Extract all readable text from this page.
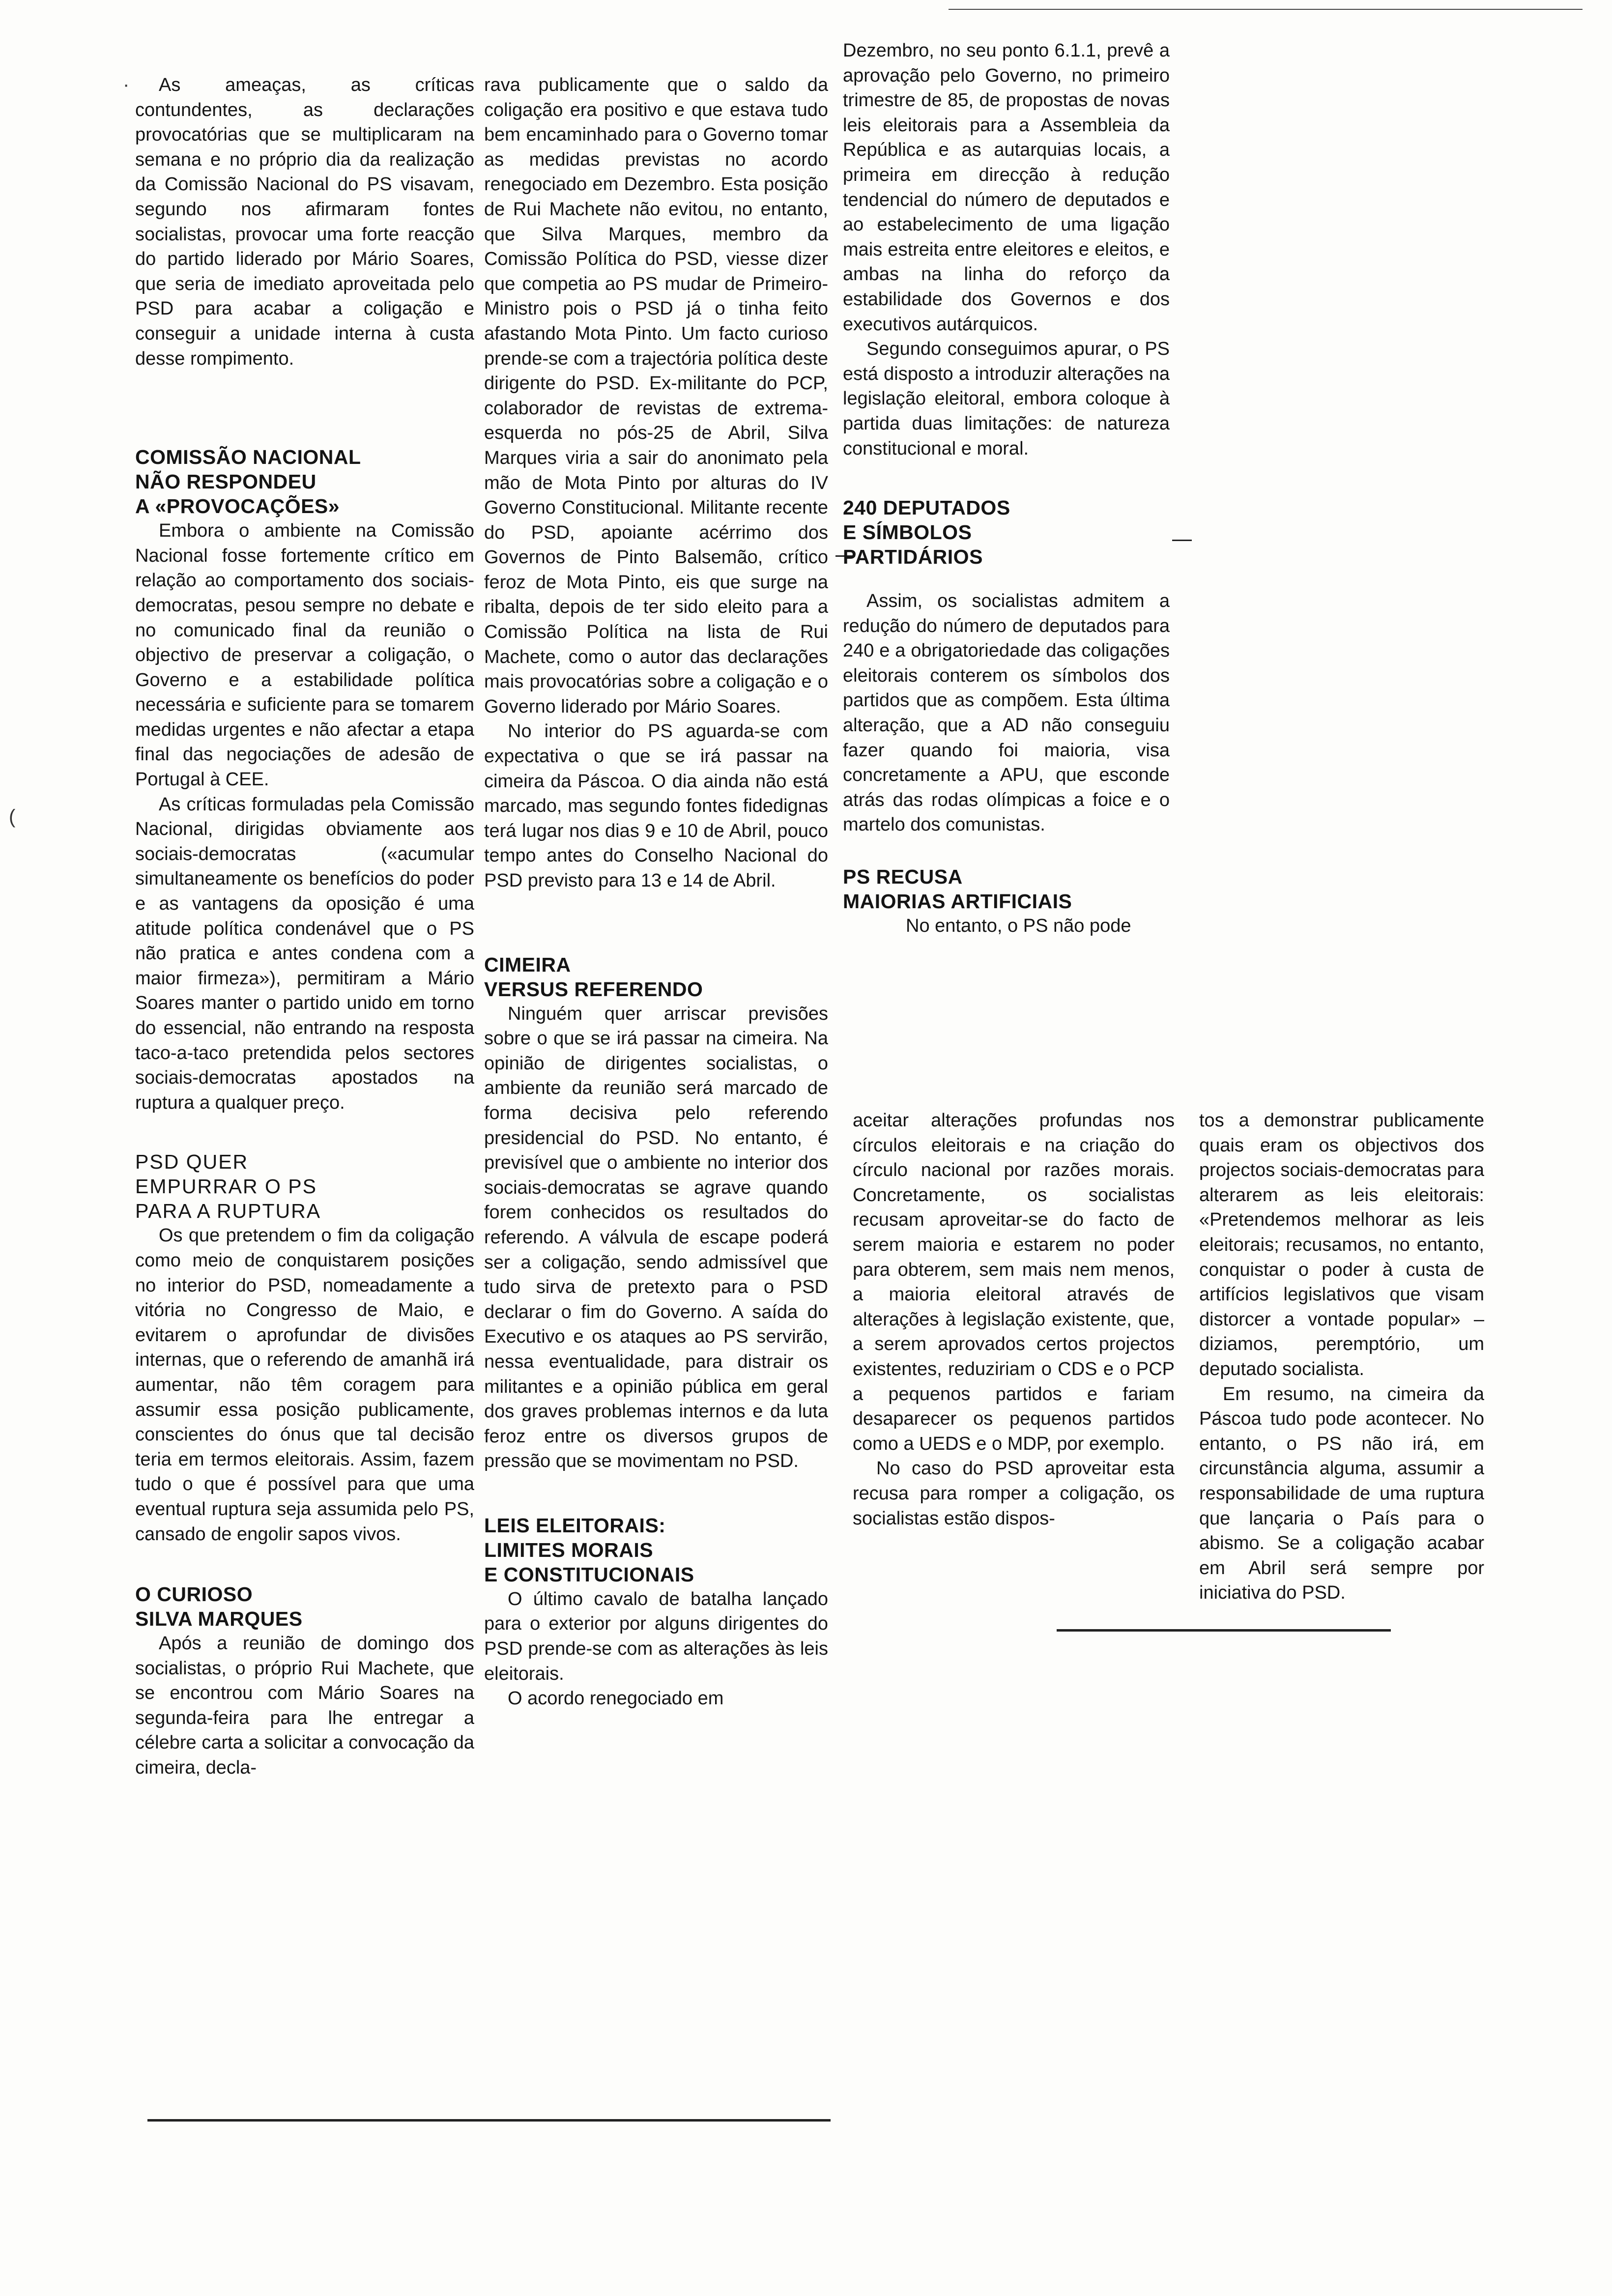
As ameaças, as críticas contundentes, as declarações provocatórias que se multiplicaram na semana e no próprio dia da realização da Comissão Nacional do PS visavam, segundo nos afirmaram fontes socialistas, provocar uma forte reacção do partido liderado por Mário Soares, que seria de imediato aproveitada pelo PSD para acabar a coligação e conseguir a unidade interna à custa desse rompimento.

COMISSÃO NACIONAL
NÃO RESPONDEU
A «PROVOCAÇÕES»

Embora o ambiente na Comissão Nacional fosse fortemente crítico em relação ao comportamento dos sociais-democratas, pesou sempre no debate e no comunicado final da reunião o objectivo de preservar a coligação, o Governo e a estabilidade política necessária e suficiente para se tomarem medidas urgentes e não afectar a etapa final das negociações de adesão de Portugal à CEE.

As críticas formuladas pela Comissão Nacional, dirigidas obviamente aos sociais-democratas («acumular simultaneamente os benefícios do poder e as vantagens da oposição é uma atitude política condenável que o PS não pratica e antes condena com a maior firmeza»), permitiram a Mário Soares manter o partido unido em torno do essencial, não entrando na resposta taco-a-taco pretendida pelos sectores sociais-democratas apostados na ruptura a qualquer preço.

PSD QUER
EMPURRAR O PS
PARA A RUPTURA

Os que pretendem o fim da coligação como meio de conquistarem posições no interior do PSD, nomeadamente a vitória no Congresso de Maio, e evitarem o aprofundar de divisões internas, que o referendo de amanhã irá aumentar, não têm coragem para assumir essa posição publicamente, conscientes do ónus que tal decisão teria em termos eleitorais. Assim, fazem tudo o que é possível para que uma eventual ruptura seja assumida pelo PS, cansado de engolir sapos vivos.

O CURIOSO
SILVA MARQUES

Após a reunião de domingo dos socialistas, o próprio Rui Machete, que se encontrou com Mário Soares na segunda-feira para lhe entregar a célebre carta a solicitar a convocação da cimeira, decla-

rava publicamente que o saldo da coligação era positivo e que estava tudo bem encaminhado para o Governo tomar as medidas previstas no acordo renegociado em Dezembro. Esta posição de Rui Machete não evitou, no entanto, que Silva Marques, membro da Comissão Política do PSD, viesse dizer que competia ao PS mudar de Primeiro-Ministro pois o PSD já o tinha feito afastando Mota Pinto. Um facto curioso prende-se com a trajectória política deste dirigente do PSD. Ex-militante do PCP, colaborador de revistas de extrema-esquerda no pós-25 de Abril, Silva Marques viria a sair do anonimato pela mão de Mota Pinto por alturas do IV Governo Constitucional. Militante recente do PSD, apoiante acérrimo dos Governos de Pinto Balsemão, crítico feroz de Mota Pinto, eis que surge na ribalta, depois de ter sido eleito para a Comissão Política na lista de Rui Machete, como o autor das declarações mais provocatórias sobre a coligação e o Governo liderado por Mário Soares.

No interior do PS aguarda-se com expectativa o que se irá passar na cimeira da Páscoa. O dia ainda não está marcado, mas segundo fontes fidedignas terá lugar nos dias 9 e 10 de Abril, pouco tempo antes do Conselho Nacional do PSD previsto para 13 e 14 de Abril.

CIMEIRA
VERSUS REFERENDO

Ninguém quer arriscar previsões sobre o que se irá passar na cimeira. Na opinião de dirigentes socialistas, o ambiente da reunião será marcado de forma decisiva pelo referendo presidencial do PSD. No entanto, é previsível que o ambiente no interior dos sociais-democratas se agrave quando forem conhecidos os resultados do referendo. A válvula de escape poderá ser a coligação, sendo admissível que tudo sirva de pretexto para o PSD declarar o fim do Governo. A saída do Executivo e os ataques ao PS servirão, nessa eventualidade, para distrair os militantes e a opinião pública em geral dos graves problemas internos e da luta feroz entre os diversos grupos de pressão que se movimentam no PSD.

LEIS ELEITORAIS:
LIMITES MORAIS
E CONSTITUCIONAIS

O último cavalo de batalha lançado para o exterior por alguns dirigentes do PSD prende-se com as alterações às leis eleitorais.

O acordo renegociado em

Dezembro, no seu ponto 6.1.1, prevê a aprovação pelo Governo, no primeiro trimestre de 85, de propostas de novas leis eleitorais para a Assembleia da República e as autarquias locais, a primeira em direcção à redução tendencial do número de deputados e ao estabelecimento de uma ligação mais estreita entre eleitores e eleitos, e ambas na linha do reforço da estabilidade dos Governos e dos executivos autárquicos.

Segundo conseguimos apurar, o PS está disposto a introduzir alterações na legislação eleitoral, embora coloque à partida duas limitações: de natureza constitucional e moral.

240 DEPUTADOS
E SÍMBOLOS
PARTIDÁRIOS

Assim, os socialistas admitem a redução do número de deputados para 240 e a obrigatoriedade das coligações eleitorais conterem os símbolos dos partidos que as compõem. Esta última alteração, que a AD não conseguiu fazer quando foi maioria, visa concretamente a APU, que esconde atrás das rodas olímpicas a foice e o martelo dos comunistas.

PS RECUSA
MAIORIAS ARTIFICIAIS

No entanto, o PS não pode

aceitar alterações profundas nos círculos eleitorais e na criação do círculo nacional por razões morais. Concretamente, os socialistas recusam aproveitar-se do facto de serem maioria e estarem no poder para obterem, sem mais nem menos, a maioria eleitoral através de alterações à legislação existente, que, a serem aprovados certos projectos existentes, reduziriam o CDS e o PCP a pequenos partidos e fariam desaparecer os pequenos partidos como a UEDS e o MDP, por exemplo.

No caso do PSD aproveitar esta recusa para romper a coligação, os socialistas estão dispos-

tos a demonstrar publicamente quais eram os objectivos dos projectos sociais-democratas para alterarem as leis eleitorais: «Pretendemos melhorar as leis eleitorais; recusamos, no entanto, conquistar o poder à custa de artifícios legislativos que visam distorcer a vontade popular» – diziamos, peremptório, um deputado socialista.

Em resumo, na cimeira da Páscoa tudo pode acontecer. No entanto, o PS não irá, em circunstância alguma, assumir a responsabilidade de uma ruptura que lançaria o País para o abismo. Se a coligação acabar em Abril será sempre por iniciativa do PSD.

(
·
